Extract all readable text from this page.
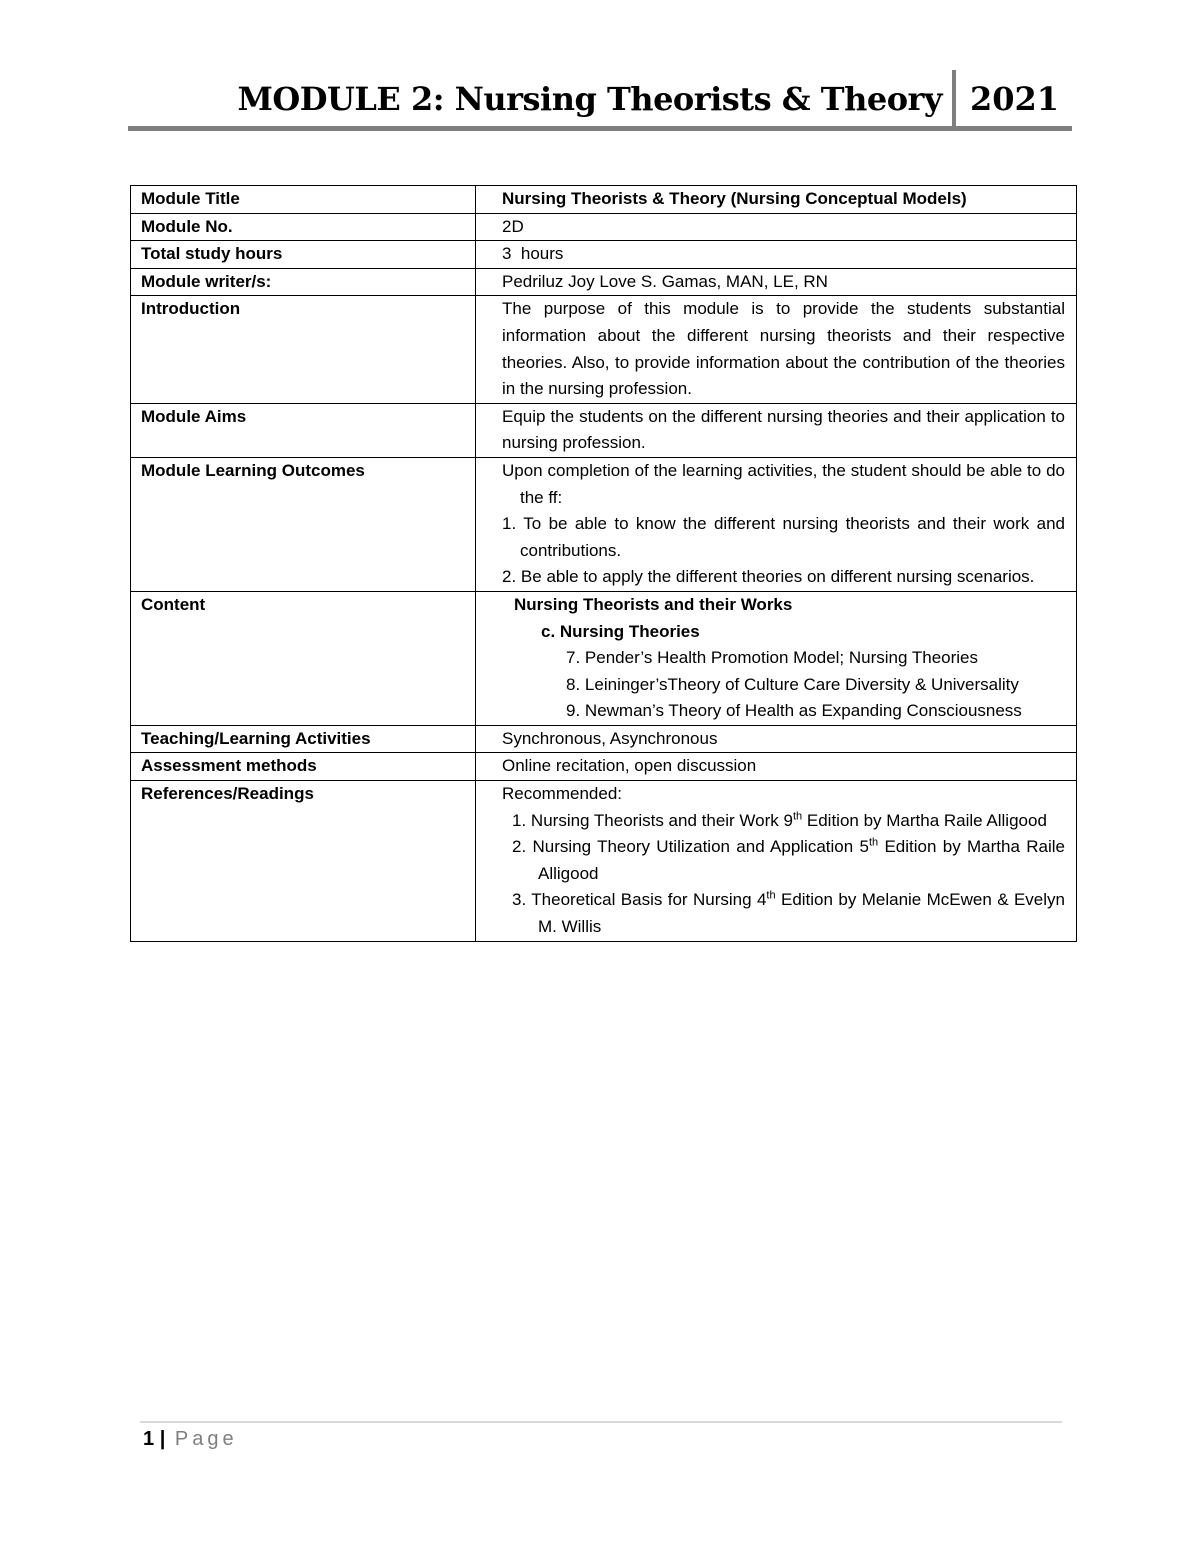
MODULE 2: Nursing Theorists & Theory 2021
Module Title	Nursing Theorists & Theory (Nursing Conceptual Models)
Module No.	2D
Total study hours	3  hours
Module writer/s:	Pedriluz Joy Love S. Gamas, MAN, LE, RN
Introduction	The purpose of this module is to provide the students substantial information about the different nursing theorists and their respective theories. Also, to provide information about the contribution of the theories in the nursing profession.
Module Aims	Equip the students on the different nursing theories and their application to nursing profession.
Module Learning Outcomes	Upon completion of the learning activities, the student should be able to do the ff:
1. To be able to know the different nursing theorists and their work and contributions.
2. Be able to apply the different theories on different nursing scenarios.

Content	Nursing Theorists and their Works
c. Nursing Theories
7. Pender’s Health Promotion Model; Nursing Theories
8. Leininger’sTheory of Culture Care Diversity & Universality
9. Newman’s Theory of Health as Expanding Consciousness

Teaching/Learning Activities	Synchronous, Asynchronous
Assessment methods	Online recitation, open discussion
References/Readings	Recommended:
1. Nursing Theorists and their Work 9th Edition by Martha Raile Alligood
2. Nursing Theory Utilization and Application 5th Edition by Martha Raile Alligood
3. Theoretical Basis for Nursing 4th Edition by Melanie McEwen & Evelyn M. Willis
1 | Page
